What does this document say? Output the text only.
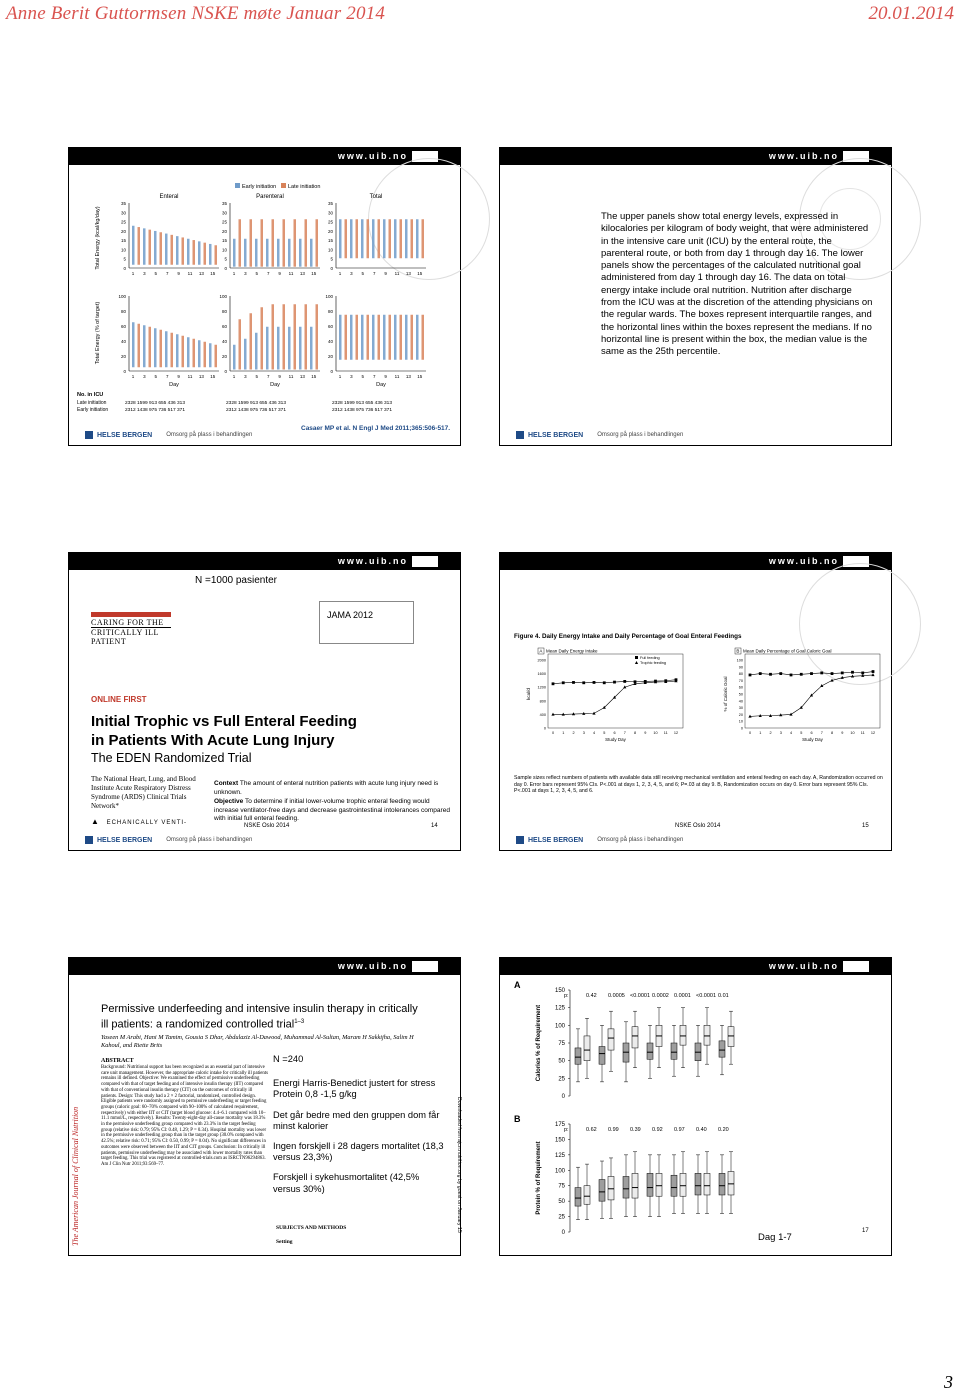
Anne Berit Guttormsen NSKE møte Januar 2014	20.01.2014
www.uib.no
Early initiation Late initiation
Enteral	Parenteral	Total
Total Energy (kcal/kg/day)
Total Energy (% of target)
35
30
25
20
15
10
5
0
1 3 5 7 9 11 13 15
35
30
25
20
15
10
5
0
1 3 5 7 9 11 13 15
35
30
25
20
15
10
5
0
1 3 5 7 9 11 13 15
100
80
60
40
20
0
1 3 5 7 9 11 13 15
100
80
60
40
20
0
1 3 5 7 9 11 13 15
100
80
60
40
20
0
1 3 5 7 9 11 13 15
Day	Day	Day
No. in ICU
Late initiation
Early initiation
2328 1599 913 655 436 313
2312 1438 975 736 517 371
2328 1599 913 655 436 313
2312 1438 975 736 517 371
2328 1599 913 655 436 313
2312 1438 975 736 517 371
Casaer MP et al. N Engl J Med 2011;365:506-517.
HELSE BERGEN Omsorg på plass i behandlingen
www.uib.no
The upper panels show total energy levels, expressed in kilocalories per kilogram of body weight, that were administered in the intensive care unit (ICU) by the enteral route, the parenteral route, or both from day 1 through day 16. The lower panels show the percentages of the calculated nutritional goal administered from day 1 through day 16. The data on total energy intake include oral nutrition. Nutrition after discharge from the ICU was at the discretion of the attending physicians on the regular wards. The boxes represent interquartile ranges, and the horizontal lines within the boxes represent the medians. If no horizontal line is present within the box, the median value is the same as the 25th percentile.
HELSE BERGEN Omsorg på plass i behandlingen
www.uib.no
N =1000 pasienter
CARING FOR THE
CRITICALLY ILL PATIENT
JAMA 2012
ONLINE FIRST
Initial Trophic vs Full Enteral Feeding
in Patients With Acute Lung Injury
The EDEN Randomized Trial
The National Heart, Lung, and Blood Institute Acute Respiratory Distress Syndrome (ARDS) Clinical Trials Network*
Context The amount of enteral nutrition patients with acute lung injury need is unknown.
Objective To determine if initial lower-volume trophic enteral feeding would increase ventilator-free days and decrease gastrointestinal intolerances compared with initial full enteral feeding.
▲ ECHANICALLY VENTI-	NSKE Oslo 2014	14
HELSE BERGEN Omsorg på plass i behandlingen
www.uib.no
Figure 4. Daily Energy Intake and Daily Percentage of Goal Enteral Feedings
A Mean Daily Energy Intake
kcal/d
Study Day
0
400
800
1200
1600
2000
0 1 2 3 4 5 6 7 8 9 10 11 12
Full feeding
Trophic feeding
B Mean Daily Percentage of Goal Caloric Goal
% of Caloric Goal
Study Day
0
10
20
30
40
50
60
70
80
90
100
0 1 2 3 4 5 6 7 8 9 10 11 12
Sample sizes reflect numbers of patients with available data still receiving mechanical ventilation and enteral feeding on each day. A, Randomization occurred on day 0. Error bars represent 95% CIs. P<.001 at days 1, 2, 3, 4, 5, and 6; P=.03 at day 9. B, Randomization occurs on day 0. Error bars represent 95% CIs. P<.001 at days 1, 2, 3, 4, 5, and 6.
NSKE Oslo 2014	15
HELSE BERGEN Omsorg på plass i behandlingen
www.uib.no
The American Journal of Clinical Nutrition	Downloaded from ajcn.nutrition.org by guest on January 15
Permissive underfeeding and intensive insulin therapy in critically ill patients: a randomized controlled trial$^{1-3}$
Yaseen M Arabi, Hani M Tamim, Gousia S Dhar, Abdulaziz Al-Dawood, Muhammad Al-Sultan, Maram H Sakkijha, Salim H Kahoul, and Riette Brits
ABSTRACT
Background: Nutritional support has been recognized as an essential part of intensive care unit management. However, the appropriate caloric intake for critically ill patients remains ill defined. Objective: We examined the effect of permissive underfeeding compared with that of target feeding and of intensive insulin therapy (IIT) compared with that of conventional insulin therapy (CIT) on the outcomes of critically ill patients. Design: This study had a 2 × 2 factorial, randomized, controlled design. Eligible patients were randomly assigned to permissive underfeeding or target feeding groups (caloric goal: 60–70% compared with 90–100% of calculated requirement, respectively) with either IIT or CIT (target blood glucose: 4.4–6.1 compared with 10–11.1 mmol/L, respectively). Results: Twenty-eight-day all-cause mortality was 18.3% in the permissive underfeeding group compared with 23.3% in the target feeding group (relative risk: 0.79; 95% CI: 0.48, 1.29; P = 0.34). Hospital mortality was lower in the permissive underfeeding group than in the target group (30.0% compared with 42.5%; relative risk: 0.71; 95% CI: 0.50, 0.99; P = 0.04). No significant differences in outcomes were observed between the IIT and CIT groups. Conclusion: In critically ill patients, permissive underfeeding may be associated with lower mortality rates than target feeding. This trial was registered at controlled-trials.com as ISRCTN96294863. Am J Clin Nutr 2011;93:569–77.
SUBJECTS AND METHODS
Setting
N =240
Energi Harris-Benedict justert for stress
Protein 0,8 -1,5 g/kg
Det går bedre med den gruppen dom får minst kalorier
Ingen forskjell i 28 dagers mortalitet (18,3 versus 23,3%)
Forskjell i sykehusmortalitet (42,5% versus 30%)
www.uib.no
A
Calories % of Requirement
150
125
100
75
50
25
0
p:	0.42 0.0005 <0.0001 0.0002 0.0001 <0.0001 0.01
B
Protein % of Requirement
175
150
125
100
75
50
25
0
p:	0.62 0.99 0.39 0.92 0.97 0.40 0.20
Dag 1-7
17
3
